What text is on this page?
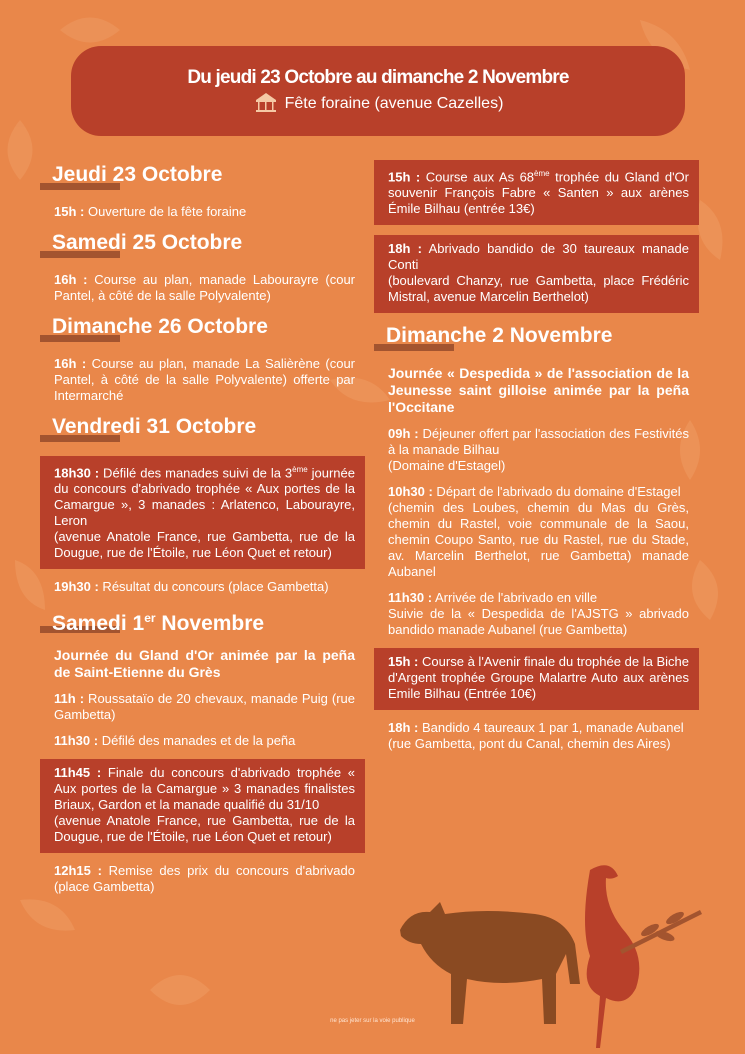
Du jeudi 23 Octobre au dimanche 2 Novembre
Fête foraine (avenue Cazelles)
Jeudi 23 Octobre
15h : Ouverture de la fête foraine
Samedi 25 Octobre
16h : Course au plan, manade Labourayre (cour Pantel, à côté de la salle Polyvalente)
Dimanche 26 Octobre
16h : Course au plan, manade La Salièrène (cour Pantel, à côté de la salle Polyvalente) offerte par Intermarché
Vendredi 31 Octobre
18h30 : Défilé des manades suivi de la 3ème journée du concours d'abrivado trophée « Aux portes de la Camargue », 3 manades : Arlatenco, Labourayre, Leron
(avenue Anatole France, rue Gambetta, rue de la Dougue, rue de l'Étoile, rue Léon Quet et retour)
19h30 : Résultat du concours (place Gambetta)
Samedi 1er Novembre
Journée du Gland d'Or animée par la peña de Saint-Etienne du Grès
11h : Roussataïo de 20 chevaux, manade Puig (rue Gambetta)
11h30 : Défilé des manades et de la peña
11h45 : Finale du concours d'abrivado trophée « Aux portes de la Camargue » 3 manades finalistes Briaux, Gardon et la manade qualifié du 31/10
(avenue Anatole France, rue Gambetta, rue de la Dougue, rue de l'Étoile, rue Léon Quet et retour)
12h15 : Remise des prix du concours d'abrivado (place Gambetta)
15h : Course aux As 68ème trophée du Gland d'Or souvenir François Fabre « Santen » aux arènes Émile Bilhau (entrée 13€)
18h : Abrivado bandido de 30 taureaux manade Conti
(boulevard Chanzy, rue Gambetta, place Frédéric Mistral, avenue Marcelin Berthelot)
Dimanche 2 Novembre
Journée « Despedida » de l'association de la Jeunesse saint gilloise animée par la peña l'Occitane
09h : Déjeuner offert par l'association des Festivités à la manade Bilhau
(Domaine d'Estagel)
10h30 : Départ de l'abrivado du domaine d'Estagel
(chemin des Loubes, chemin du Mas du Grès, chemin du Rastel, voie communale de la Saou, chemin Coupo Santo, rue du Rastel, rue du Stade, av. Marcelin Berthelot, rue Gambetta) manade Aubanel
11h30 : Arrivée de l'abrivado en ville
Suivie de la « Despedida de l'AJSTG » abrivado bandido manade Aubanel (rue Gambetta)
15h : Course à l'Avenir finale du trophée de la Biche d'Argent trophée Groupe Malartre Auto aux arènes Emile Bilhau (Entrée 10€)
18h : Bandido 4 taureaux 1 par 1, manade Aubanel
(rue Gambetta, pont du Canal, chemin des Aires)
ne pas jeter sur la voie publique
